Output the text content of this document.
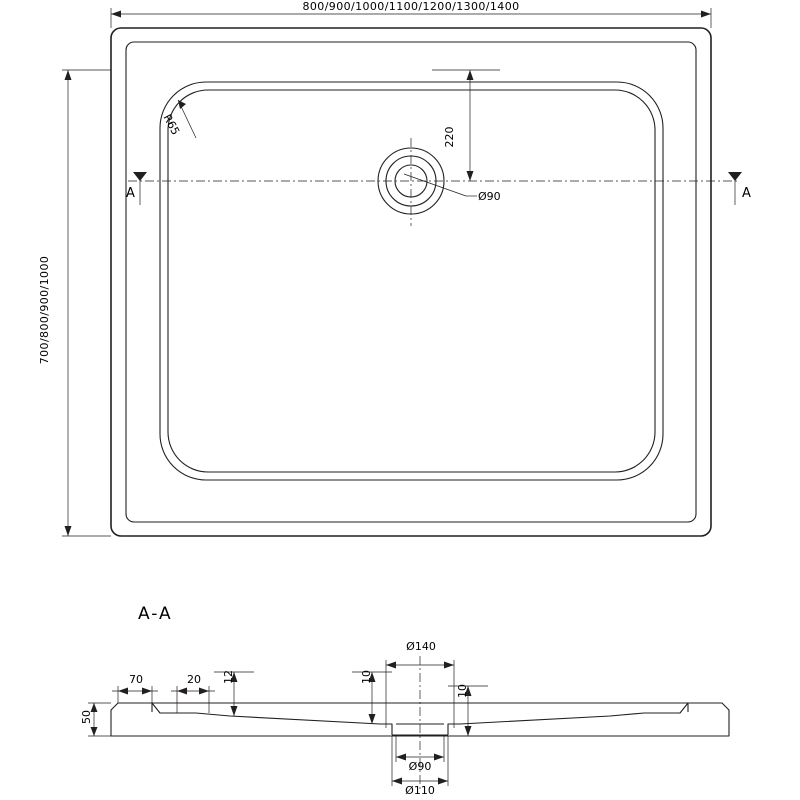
800/900/1000/1100/1200/1300/1400
700/800/900/1000
220
Ø90
R65
A	A
A-A
Ø140
70	20	12	10
10
50
Ø90
Ø110
